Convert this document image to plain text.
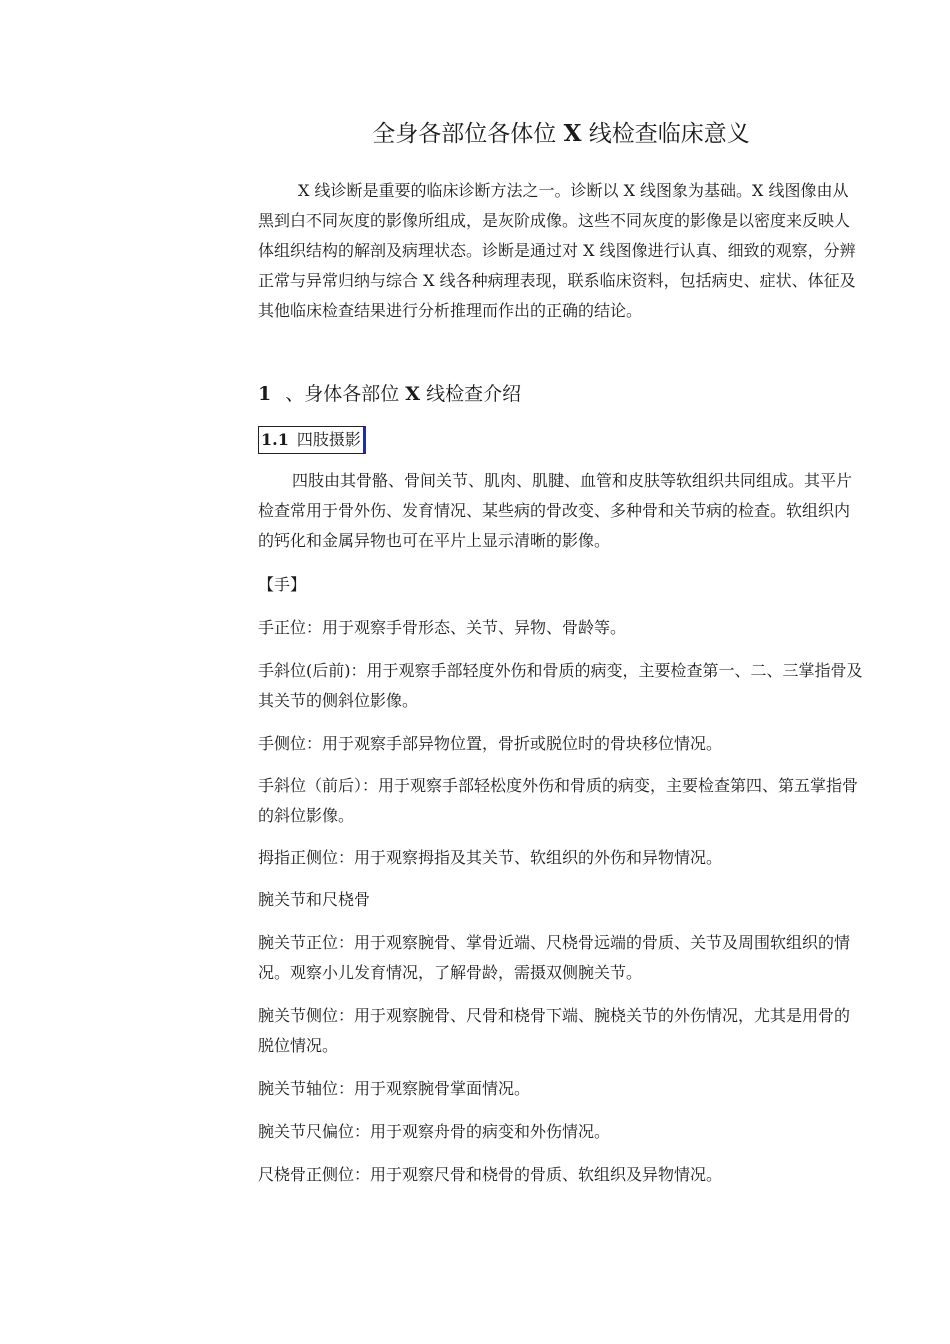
全身各部位各体位 X 线检查临床意义
X 线诊断是重要的临床诊断方法之一。诊断以 X 线图象为基础。X 线图像由从黑到白不同灰度的影像所组成，是灰阶成像。这些不同灰度的影像是以密度来反映人体组织结构的解剖及病理状态。诊断是通过对 X 线图像进行认真、细致的观察，分辨正常与异常归纳与综合 X 线各种病理表现，联系临床资料，包括病史、症状、体征及其他临床检查结果进行分析推理而作出的正确的结论。
1 、身体各部位 X 线检查介绍
1.1 四肢摄影
四肢由其骨骼、骨间关节、肌肉、肌腱、血管和皮肤等软组织共同组成。其平片检查常用于骨外伤、发育情况、某些病的骨改变、多种骨和关节病的检查。软组织内的钙化和金属异物也可在平片上显示清晰的影像。
【手】
手正位：用于观察手骨形态、关节、异物、骨龄等。
手斜位(后前)：用于观察手部轻度外伤和骨质的病变，主要检查第一、二、三掌指骨及其关节的侧斜位影像。
手侧位：用于观察手部异物位置，骨折或脱位时的骨块移位情况。
手斜位（前后）：用于观察手部轻松度外伤和骨质的病变，主要检查第四、第五掌指骨的斜位影像。
拇指正侧位：用于观察拇指及其关节、软组织的外伤和异物情况。
腕关节和尺桡骨
腕关节正位：用于观察腕骨、掌骨近端、尺桡骨远端的骨质、关节及周围软组织的情况。观察小儿发育情况，了解骨龄，需摄双侧腕关节。
腕关节侧位：用于观察腕骨、尺骨和桡骨下端、腕桡关节的外伤情况，尤其是用骨的脱位情况。
腕关节轴位：用于观察腕骨掌面情况。
腕关节尺偏位：用于观察舟骨的病变和外伤情况。
尺桡骨正侧位：用于观察尺骨和桡骨的骨质、软组织及异物情况。
